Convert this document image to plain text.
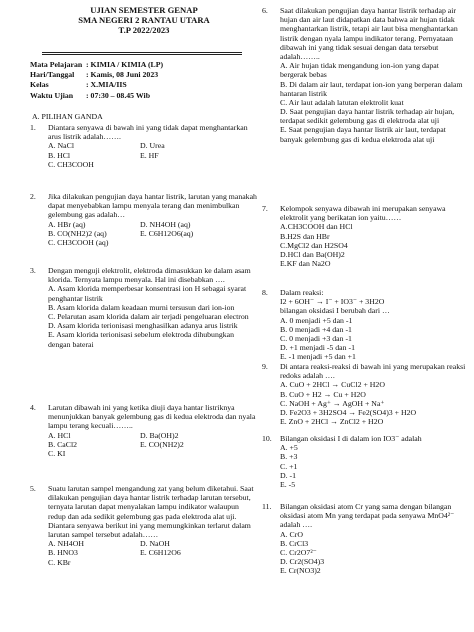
UJIAN SEMESTER GENAP
SMA NEGERI 2 RANTAU UTARA
T.P 2022/2023
Mata Pelajaran : KIMIA / KIMIA (LP)
Hari/Tanggal	: Kamis, 08 Juni 2023
Kelas	: X.MIA/IIS
Waktu Ujian	: 07:30 – 08.45 Wib
A. PILIHAN GANDA
1.	Diantara senyawa di bawah ini yang tidak dapat menghantarkan arus listrik adalah…….
A. NaCl	D. Urea
B. HCl	E. HF
C. CH3COOH
2.	Jika dilakukan pengujian daya hantar listrik, larutan yang manakah dapat menyebabkan lampu menyala terang dan menimbulkan gelembung gas adalah…
A. HBr (aq)	D. NH4OH (aq)
B. CO(NH2)2 (aq)	E. C6H12O6(aq)
C. CH3COOH (aq)
3.	Dengan menguji elektrolit, elektroda dimasukkan ke dalam asam klorida. Ternyata lampu menyala. Hal ini disebabkan ….
A. Asam klorida memperbesar konsentrasi ion H sebagai syarat penghantar listrik
B. Asam klorida dalam keadaan murni tersusun dari ion-ion
C. Pelarutan asam klorida dalam air terjadi pengeluaran electron
D. Asam klorida terionisasi menghasilkan adanya arus listrik
E. Asam klorida terionisasi sebelum elektroda dihubungkan dengan baterai
4.	Larutan dibawah ini yang ketika diuji daya hantar listriknya menunjukkan banyak gelembung gas di kedua elektroda dan nyala lampu terang kecuali……..
A. HCl	D. Ba(OH)2
B. CaCl2	E. CO(NH2)2
C. KI
5.	Suatu larutan sampel mengandung zat yang belum diketahui. Saat dilakukan pengujian daya hantar listrik terhadap larutan tersebut, ternyata larutan dapat menyalakan lampu indikator walaupun redup dan ada sedikit gelembung gas pada elektroda alat uji. Diantara senyawa berikut ini yang memungkinkan terlarut dalam larutan sampel tersebut adalah……
A. NH4OH	D. NaOH
B. HNO3	E. C6H12O6
C. KBr
6.	Saat dilakukan pengujian daya hantar listrik terhadap air hujan dan air laut didapatkan data bahwa air hujan tidak menghantarkan listrik, tetapi air laut bisa menghantarkan listrik dengan nyala lampu indikator terang. Pernyataan dibawah ini yang tidak sesuai dengan data tersebut adalah……..
A. Air hujan tidak mengandung ion-ion yang dapat bergerak bebas
B. Di dalam air laut, terdapat ion-ion yang berperan dalam hantaran listrik
C. Air laut adalah latutan elektrolit kuat
D. Saat pengujian daya hantar listrik terhadap air hujan, terdapat sedikit gelembung gas di elektroda alat uji
E. Saat pengujian daya hantar listrik air laut, terdapat banyak gelembung gas di kedua elektroda alat uji
7.	Kelompok senyawa dibawah ini merupakan senyawa elektrolit yang berikatan ion yaitu……
A.CH3COOH dan HCl
B.H2S dan HBr
C.MgCl2 dan H2SO4
D.HCl dan Ba(OH)2
E.KF dan Na2O
8.	Dalam reaksi:
I2 + 6OH⁻ → I⁻ + IO3⁻ + 3H2O
bilangan oksidasi I berubah dari …
A. 0 menjadi +5 dan -1
B. 0 menjadi +4 dan -1
C. 0 menjadi +3 dan -1
D. +1 menjadi -5 dan -1
E. -1 menjadi +5 dan +1
9.	Di antara reaksi-reaksi di bawah ini yang merupakan reaksi redoks adalah ….
A. CuO + 2HCl → CuCl2 + H2O
B. CuO + H2 → Cu + H2O
C. NaOH + Ag⁺ → AgOH + Na⁺
D. Fe2O3 + 3H2SO4 → Fe2(SO4)3 + H2O
E. ZnO + 2HCl → ZnCl2 + H2O
10.	Bilangan oksidasi I di dalam ion IO3⁻ adalah
A. +5
B. +3
C. +1
D. -1
E. -5
11.	Bilangan oksidasi atom Cr yang sama dengan bilangan oksidasi atom Mn yang terdapat pada senyawa MnO4²⁻ adalah ….
A. CrO
B. CrCl3
C. Cr2O7²⁻
D. Cr2(SO4)3
E. Cr(NO3)2
